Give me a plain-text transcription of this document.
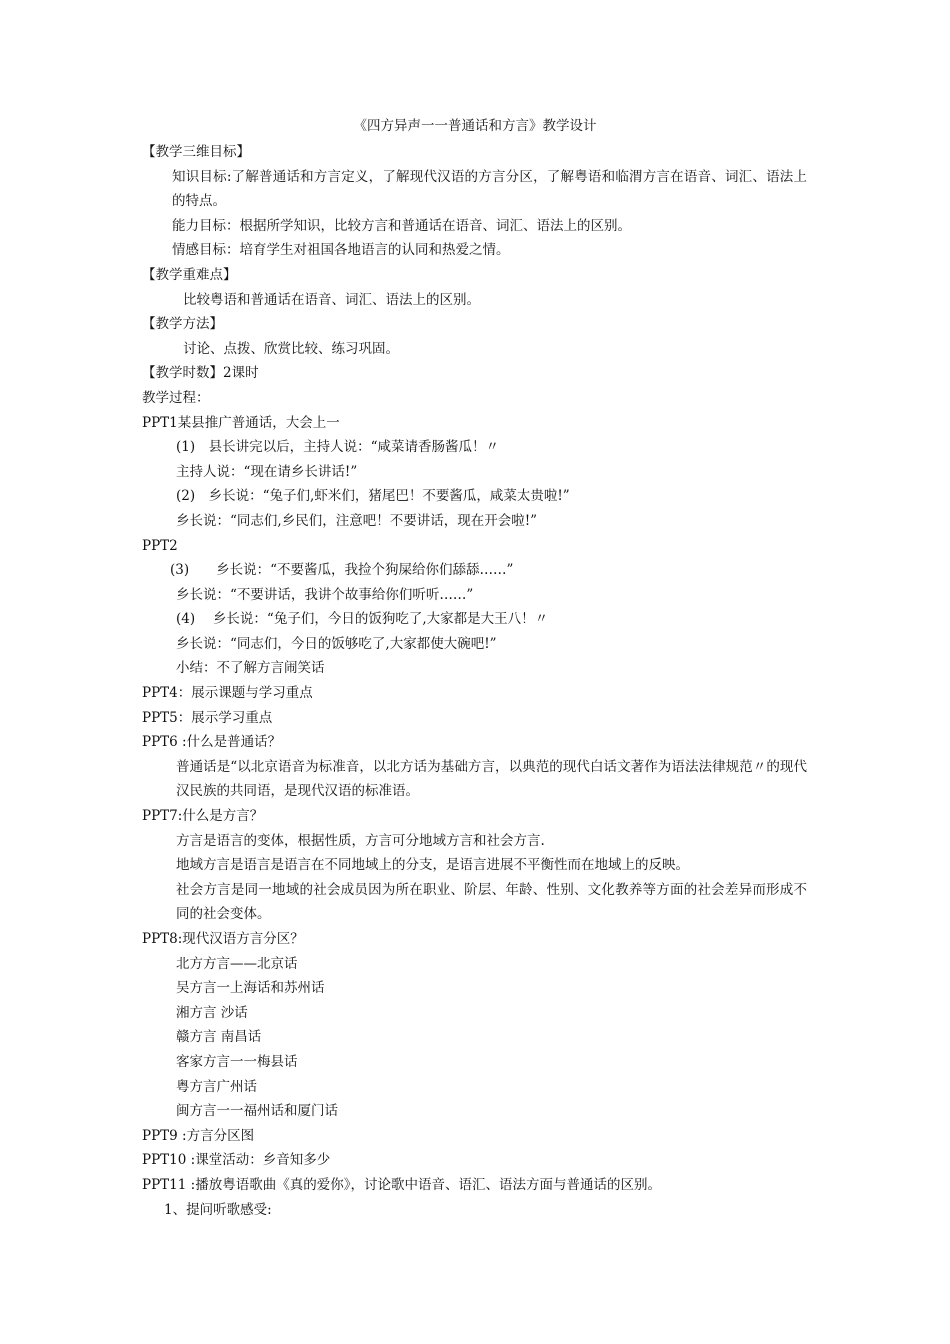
《四方异声一一普通话和方言》教学设计
【教学三维目标】
知识目标:了解普通话和方言定义，了解现代汉语的方言分区，了解粤语和临渭方言在语音、词汇、语法上的特点。
能力目标：根据所学知识，比较方言和普通话在语音、词汇、语法上的区别。
情感目标：培育学生对祖国各地语言的认同和热爱之情。
【教学重难点】
比较粤语和普通话在语音、词汇、语法上的区别。
【教学方法】
讨论、点拨、欣赏比较、练习巩固。
【教学时数】2课时
教学过程：
PPT1某县推广普通话，大会上一
(1)　县长讲完以后，主持人说：“咸菜请香肠酱瓜！〃
主持人说：“现在请乡长讲话!”
(2)　乡长说：“兔子们,虾米们，猪尾巴！不要酱瓜，咸菜太贵啦!”
乡长说：“同志们,乡民们，注意吧！不要讲话，现在开会啦!”
PPT2
(3)　　乡长说：“不要酱瓜，我捡个狗屎给你们舔舔……”
乡长说：“不要讲话，我讲个故事给你们听听……”
(4)　 乡长说：“兔子们，今日的饭狗吃了,大家都是大王八！〃
乡长说：“同志们，今日的饭够吃了,大家都使大碗吧!”
小结：不了解方言闹笑话
PPT4：展示课题与学习重点
PPT5：展示学习重点
PPT6 :什么是普通话？
普通话是“以北京语音为标准音，以北方话为基础方言，以典范的现代白话文著作为语法法律规范〃的现代汉民族的共同语，是现代汉语的标准语。
PPT7:什么是方言？
方言是语言的变体，根据性质，方言可分地域方言和社会方言.
地域方言是语言是语言在不同地域上的分支，是语言进展不平衡性而在地域上的反映。
社会方言是同一地域的社会成员因为所在职业、阶层、年龄、性别、文化教养等方面的社会差异而形成不同的社会变体。
PPT8:现代汉语方言分区？
北方方言——北京话
吴方言一上海话和苏州话
湘方言 沙话
赣方言 南昌话
客家方言一一梅县话
粤方言广州话
闽方言一一福州话和厦门话
PPT9 :方言分区图
PPT10 :课堂活动：乡音知多少
PPT11 :播放粤语歌曲《真的爱你》，讨论歌中语音、语汇、语法方面与普通话的区别。
1、提问听歌感受:
